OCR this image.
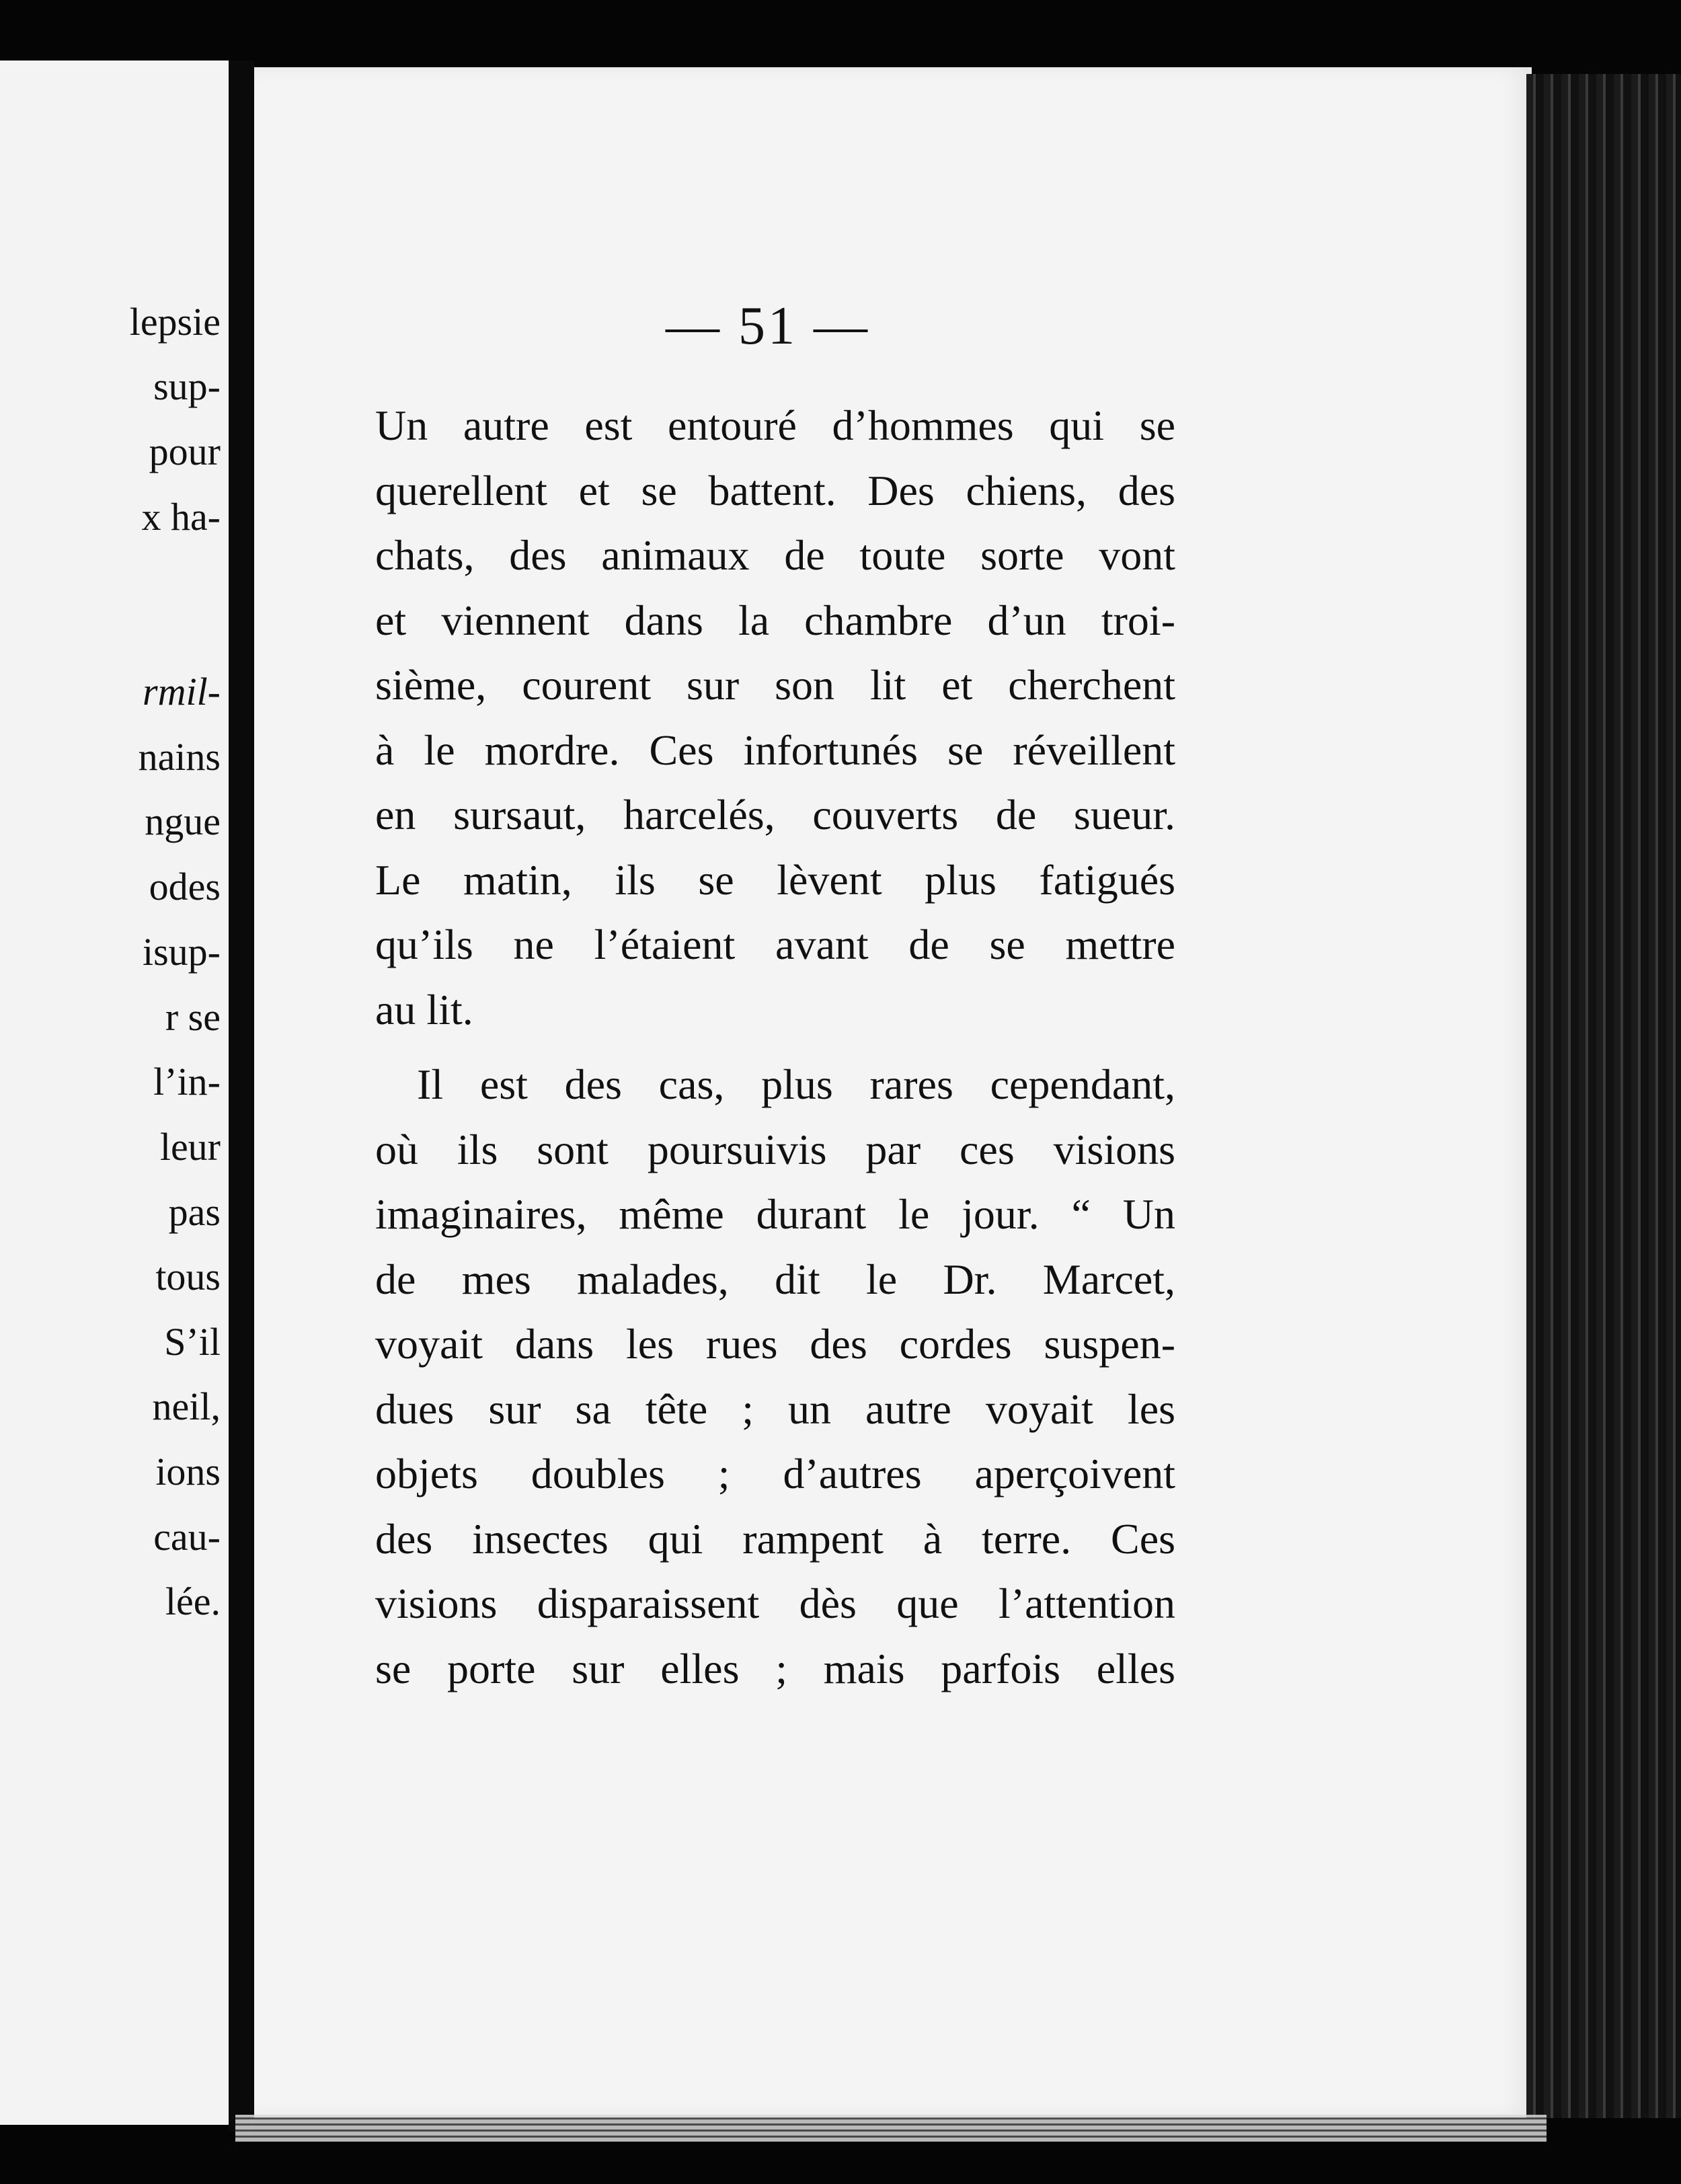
lepsie
sup-
pour
x ha-
rmil-
nains
ngue
odes
isup-
r se
l’in-
leur
pas
tous
S’il
neil,
ions
cau-
lée.
— 51 —
Un autre est entouré d’hommes qui se
querellent et se battent. Des chiens, des
chats, des animaux de toute sorte vont
et viennent dans la chambre d’un troi-
sième, courent sur son lit et cherchent
à le mordre. Ces infortunés se réveillent
en sursaut, harcelés, couverts de sueur.
Le matin, ils se lèvent plus fatigués
qu’ils ne l’étaient avant de se mettre
au lit.
Il est des cas, plus rares cependant,
où ils sont poursuivis par ces visions
imaginaires, même durant le jour. “ Un
de mes malades, dit le Dr. Marcet,
voyait dans les rues des cordes suspen-
dues sur sa tête ; un autre voyait les
objets doubles ; d’autres aperçoivent
des insectes qui rampent à terre. Ces
visions disparaissent dès que l’attention
se porte sur elles ; mais parfois elles
